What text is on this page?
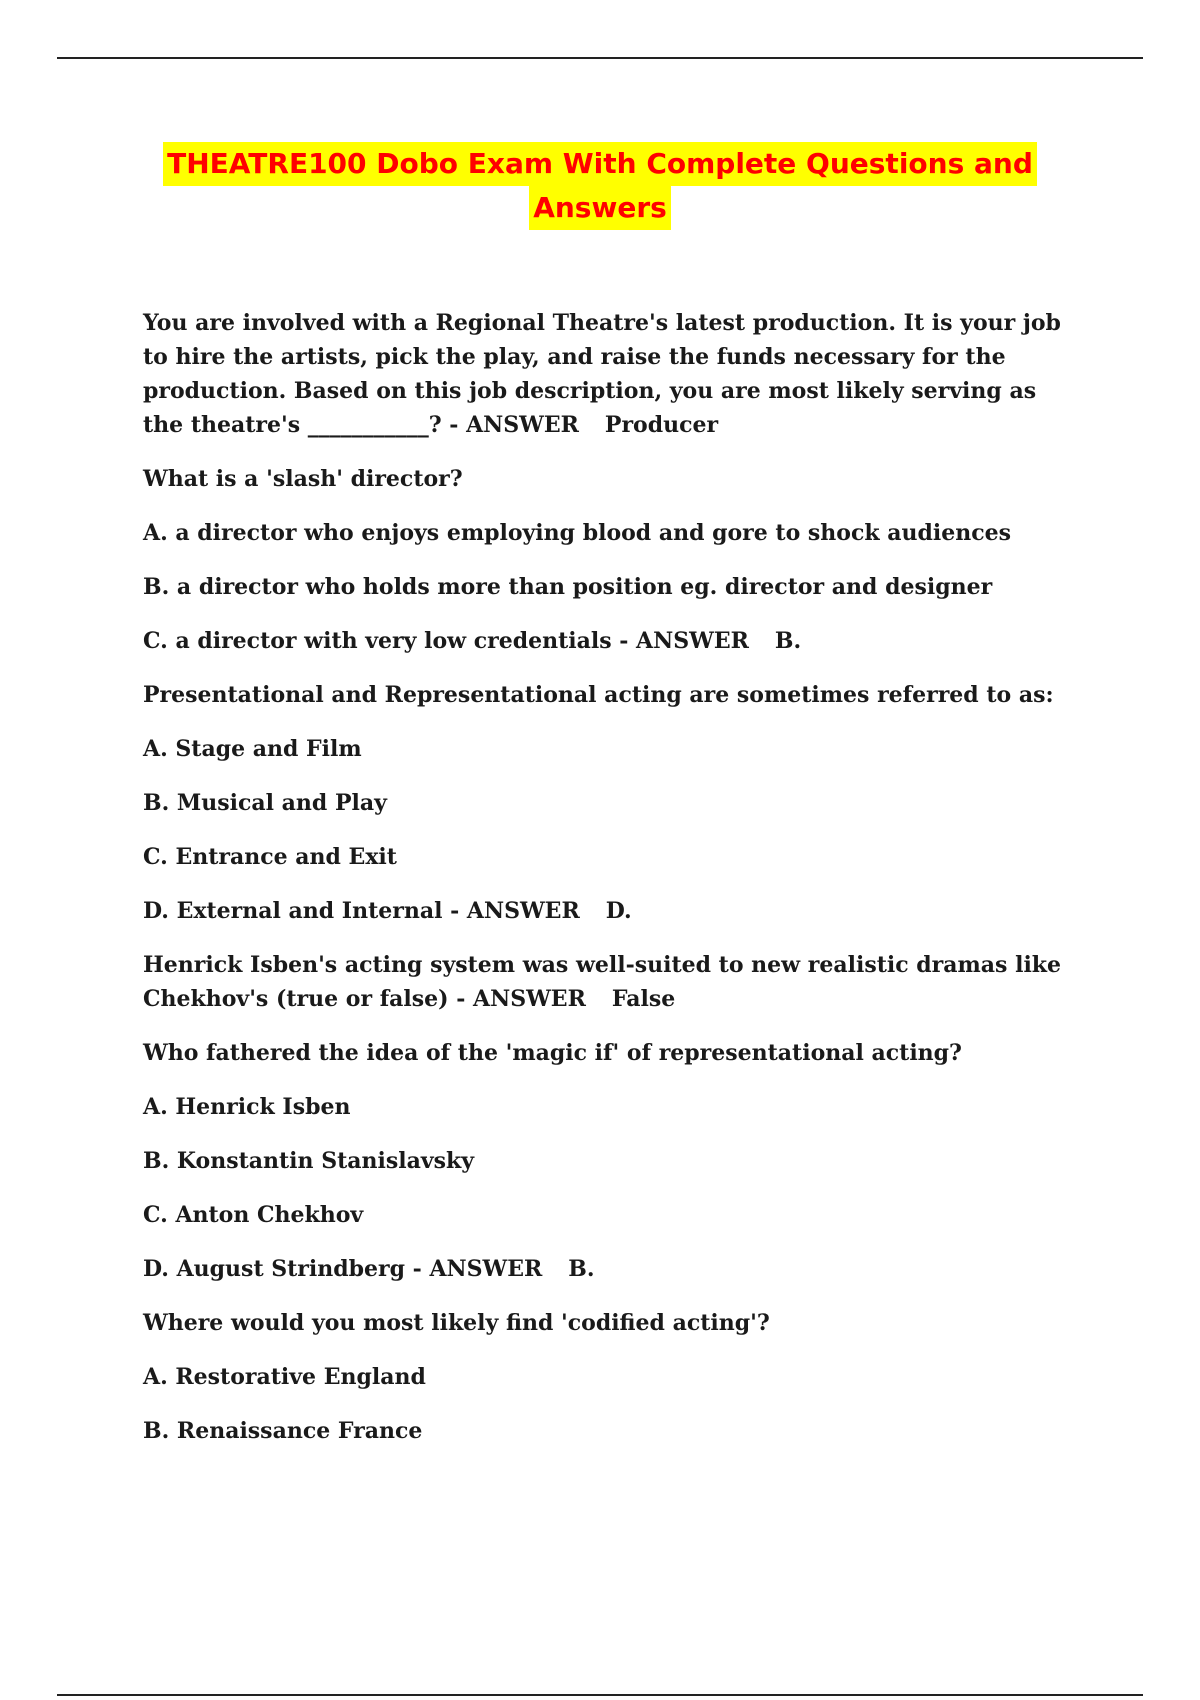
THEATRE100 Dobo Exam With Complete Questions and
Answers

You are involved with a Regional Theatre's latest production. It is your job to hire the artists, pick the play, and raise the funds necessary for the production. Based on this job description, you are most likely serving as the theatre's ___________? - ANSWER Producer

What is a 'slash' director?

A. a director who enjoys employing blood and gore to shock audiences

B. a director who holds more than position eg. director and designer

C. a director with very low credentials - ANSWER B.

Presentational and Representational acting are sometimes referred to as:

A. Stage and Film

B. Musical and Play

C. Entrance and Exit

D. External and Internal - ANSWER D.

Henrick Isben's acting system was well-suited to new realistic dramas like Chekhov's (true or false) - ANSWER False

Who fathered the idea of the 'magic if' of representational acting?

A. Henrick Isben

B. Konstantin Stanislavsky

C. Anton Chekhov

D. August Strindberg - ANSWER B.

Where would you most likely find 'codified acting'?

A. Restorative England

B. Renaissance France
